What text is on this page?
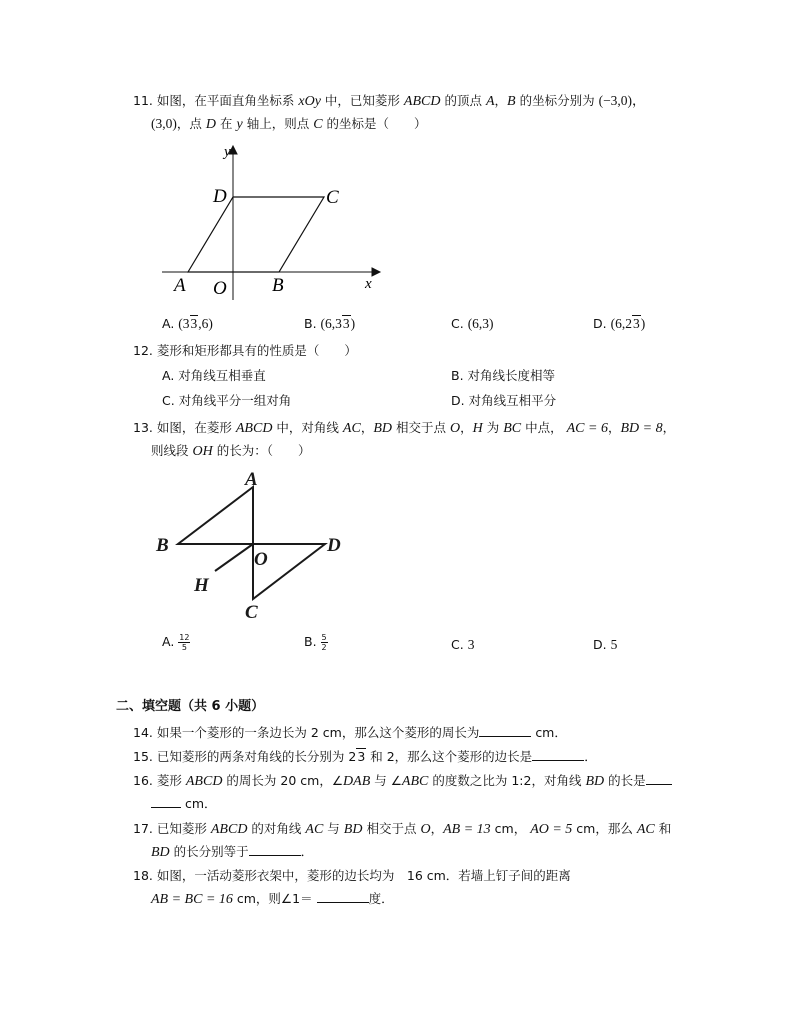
11. 如图，在平面直角坐标系 xOy 中，已知菱形 ABCD 的顶点 A，B 的坐标分别为 (−3,0)，
(3,0)，点 D 在 y 轴上，则点 C 的坐标是（　　）
y
x
D	C
A O B
A. (33,6)	B. (6,33)	C. (6,3)	D. (6,23)
12. 菱形和矩形都具有的性质是（　　）
A. 对角线互相垂直	B. 对角线长度相等
C. 对角线平分一组对角	D. 对角线互相平分
13. 如图，在菱形 ABCD 中，对角线 AC，BD 相交于点 O，H 为 BC 中点， AC = 6，BD = 8，
则线段 OH 的长为：（　　）
A
B
O
D
H
C
A. $\frac{12}{5}$	B. $\frac{5}{2}$	C. 3	D. 5
二、填空题（共 6 小题）
14. 如果一个菱形的一条边长为 2 cm，那么这个菱形的周长为	cm．
15. 已知菱形的两条对角线的长分别为 23 和 2，那么这个菱形的边长是	．
16. 菱形 ABCD 的周长为 20 cm，∠DAB 与 ∠ABC 的度数之比为 1:2，对角线 BD 的长是
cm．
17. 已知菱形 ABCD 的对角线 AC 与 BD 相交于点 O，AB = 13 cm， AO = 5 cm，那么 AC 和
BD 的长分别等于	．
18. 如图，一活动菱形衣架中，菱形的边长均为　16 cm．若墙上钉子间的距离
AB = BC = 16 cm，则∠1＝	度．
